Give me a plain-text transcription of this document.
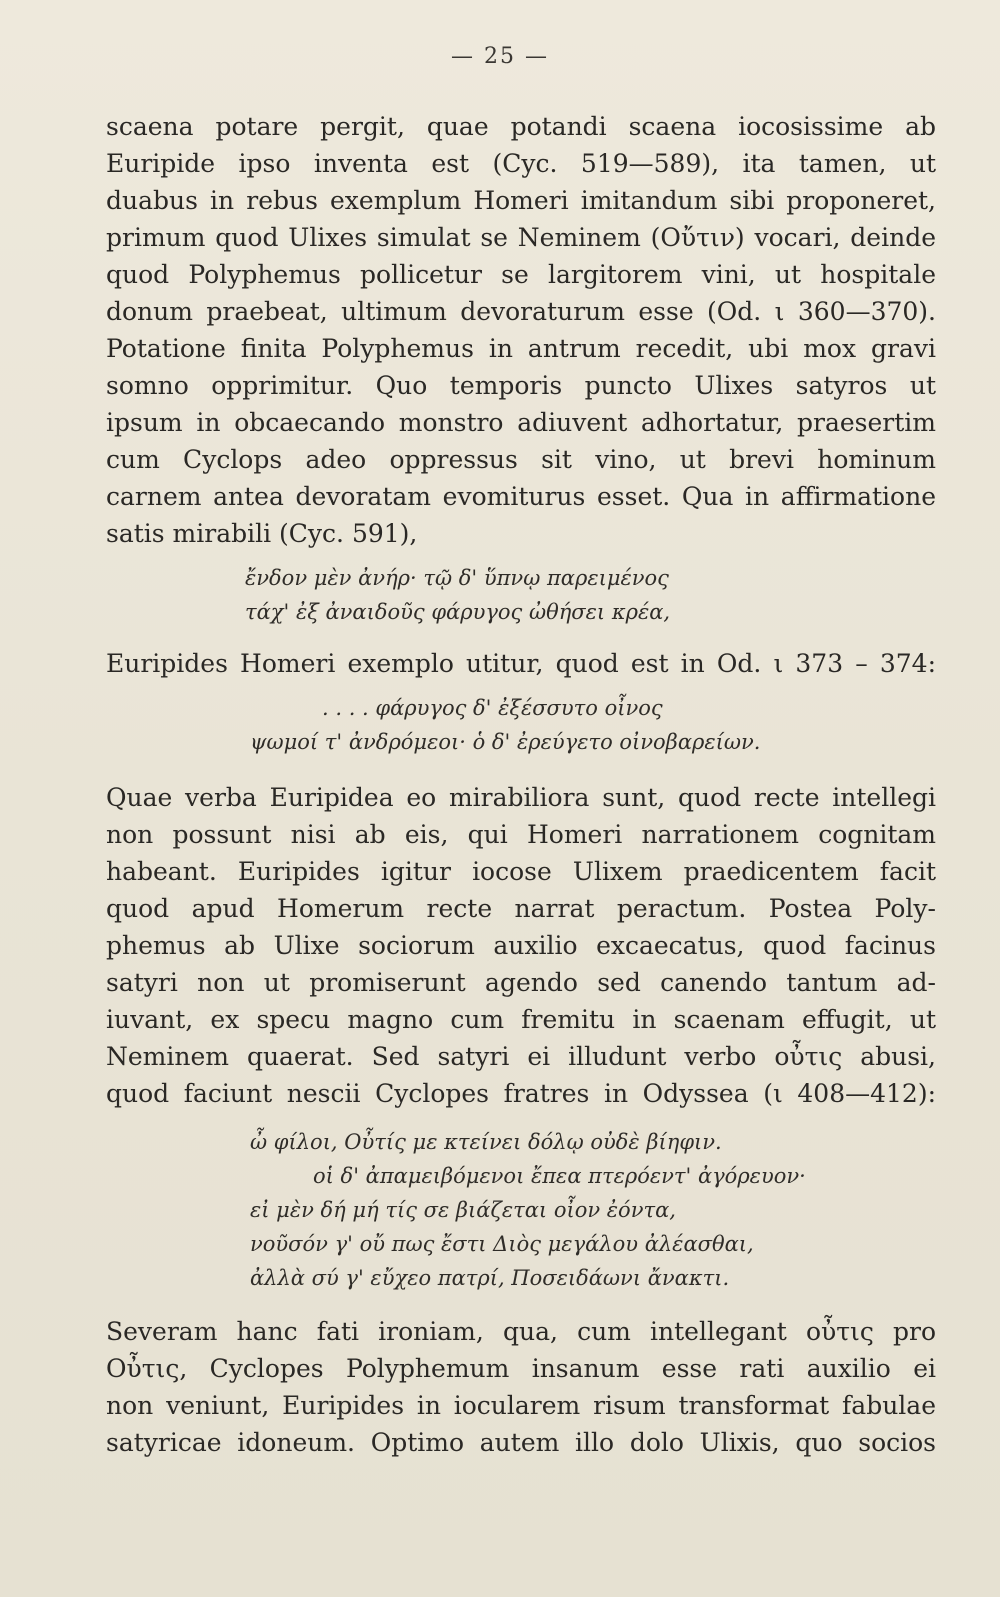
— 25 —
scaena potare pergit, quae potandi scaena iocosissime ab
Euripide ipso inventa est (Cyc. 519—589), ita tamen, ut
duabus in rebus exemplum Homeri imitandum sibi proponeret,
primum quod Ulixes simulat se Neminem (Οὔτιν) vocari, deinde
quod Polyphemus pollicetur se largitorem vini, ut hospitale
donum praebeat, ultimum devoraturum esse (Od. ι 360—370).
Potatione finita Polyphemus in antrum recedit, ubi mox gravi
somno opprimitur. Quo temporis puncto Ulixes satyros ut
ipsum in obcaecando monstro adiuvent adhortatur, praesertim
cum Cyclops adeo oppressus sit vino, ut brevi hominum
carnem antea devoratam evomiturus esset. Qua in affirmatione
satis mirabili (Cyc. 591),
ἔνδον μὲν ἀνήρ· τῷ δ' ὕπνῳ παρειμένος
τάχ' ἐξ ἀναιδοῦς φάρυγος ὠθήσει κρέα,
Euripides Homeri exemplo utitur, quod est in Od. ι 373 – 374:
. . . . φάρυγος δ' ἐξέσσυτο οἶνος
ψωμοί τ' ἀνδρόμεοι· ὁ δ' ἐρεύγετο οἰνοβαρείων.
Quae verba Euripidea eo mirabiliora sunt, quod recte intellegi
non possunt nisi ab eis, qui Homeri narrationem cognitam
habeant. Euripides igitur iocose Ulixem praedicentem facit
quod apud Homerum recte narrat peractum. Postea Poly-
phemus ab Ulixe sociorum auxilio excaecatus, quod facinus
satyri non ut promiserunt agendo sed canendo tantum ad-
iuvant, ex specu magno cum fremitu in scaenam effugit, ut
Neminem quaerat. Sed satyri ei illudunt verbo οὖτις abusi,
quod faciunt nescii Cyclopes fratres in Odyssea (ι 408—412):
ὦ φίλοι, Οὖτίς με κτείνει δόλῳ οὐδὲ βίηφιν.
οἱ δ' ἀπαμειβόμενοι ἔπεα πτερόεντ' ἀγόρευον·
εἰ μὲν δή μή τίς σε βιάζεται οἶον ἐόντα,
νοῦσόν γ' οὔ πως ἔστι Διὸς μεγάλου ἀλέασθαι,
ἀλλὰ σύ γ' εὔχεο πατρί, Ποσειδάωνι ἄνακτι.
Severam hanc fati ironiam, qua, cum intellegant οὖτις pro
Οὖτις, Cyclopes Polyphemum insanum esse rati auxilio ei
non veniunt, Euripides in iocularem risum transformat fabulae
satyricae idoneum. Optimo autem illo dolo Ulixis, quo socios
